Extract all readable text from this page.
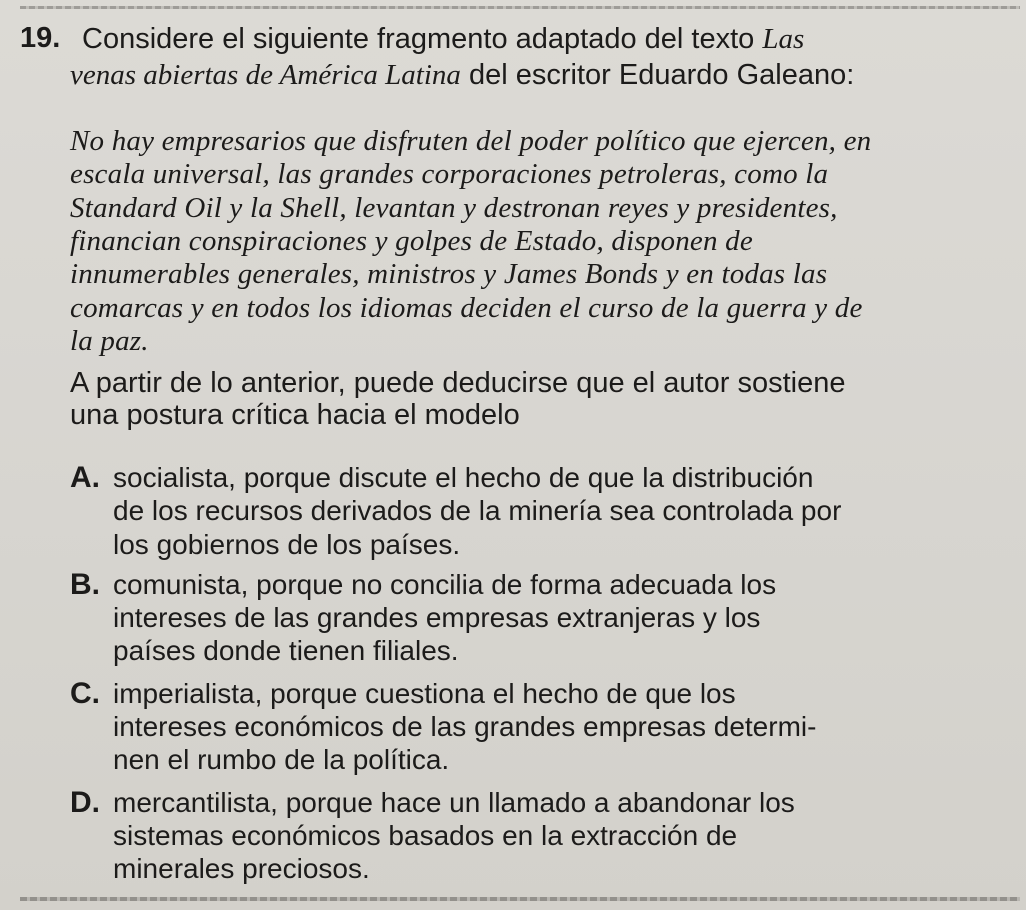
19. Considere el siguiente fragmento adaptado del texto Las
venas abiertas de América Latina del escritor Eduardo Galeano:
No hay empresarios que disfruten del poder político que ejercen, en
escala universal, las grandes corporaciones petroleras, como la
Standard Oil y la Shell, levantan y destronan reyes y presidentes,
financian conspiraciones y golpes de Estado, disponen de
innumerables generales, ministros y James Bonds y en todas las
comarcas y en todos los idiomas deciden el curso de la guerra y de
la paz.
A partir de lo anterior, puede deducirse que el autor sostiene
una postura crítica hacia el modelo
A. socialista, porque discute el hecho de que la distribución
de los recursos derivados de la minería sea controlada por
los gobiernos de los países.
B. comunista, porque no concilia de forma adecuada los
intereses de las grandes empresas extranjeras y los
países donde tienen filiales.
C. imperialista, porque cuestiona el hecho de que los
intereses económicos de las grandes empresas determi-
nen el rumbo de la política.
D. mercantilista, porque hace un llamado a abandonar los
sistemas económicos basados en la extracción de
minerales preciosos.
